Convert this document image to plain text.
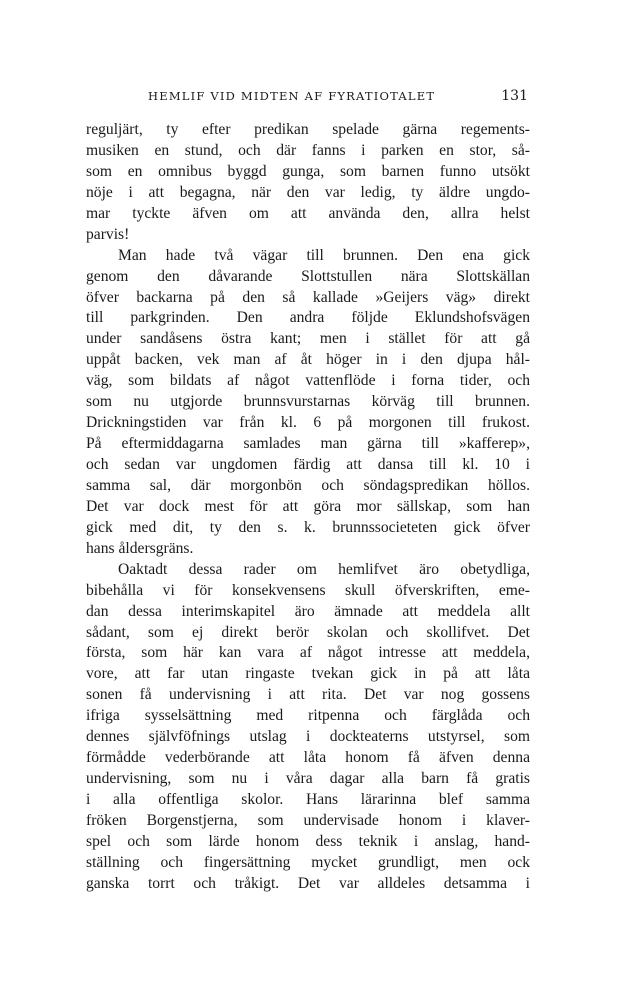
HEMLIF VID MIDTEN AF FYRATIOTALET	131
reguljärt, ty efter predikan spelade gärna regements-
musiken en stund, och där fanns i parken en stor, så-
som en omnibus byggd gunga, som barnen funno utsökt
nöje i att begagna, när den var ledig, ty äldre ungdo-
mar tyckte äfven om att använda den, allra helst
parvis!
Man hade två vägar till brunnen. Den ena gick
genom den dåvarande Slottstullen nära Slottskällan
öfver backarna på den så kallade »Geijers väg» direkt
till parkgrinden. Den andra följde Eklundshofsvägen
under sandåsens östra kant; men i stället för att gå
uppåt backen, vek man af åt höger in i den djupa hål-
väg, som bildats af något vattenflöde i forna tider, och
som nu utgjorde brunnsvurstarnas körväg till brunnen.
Drickningstiden var från kl. 6 på morgonen till frukost.
På eftermiddagarna samlades man gärna till »kafferep»,
och sedan var ungdomen färdig att dansa till kl. 10 i
samma sal, där morgonbön och söndagspredikan höllos.
Det var dock mest för att göra mor sällskap, som han
gick med dit, ty den s. k. brunnssocieteten gick öfver
hans åldersgräns.
Oaktadt dessa rader om hemlifvet äro obetydliga,
bibehålla vi för konsekvensens skull öfverskriften, eme-
dan dessa interimskapitel äro ämnade att meddela allt
sådant, som ej direkt berör skolan och skollifvet. Det
första, som här kan vara af något intresse att meddela,
vore, att far utan ringaste tvekan gick in på att låta
sonen få undervisning i att rita. Det var nog gossens
ifriga sysselsättning med ritpenna och färglåda och
dennes självföfnings utslag i dockteaterns utstyrsel, som
förmådde vederbörande att låta honom få äfven denna
undervisning, som nu i våra dagar alla barn få gratis
i alla offentliga skolor. Hans lärarinna blef samma
fröken Borgenstjerna, som undervisade honom i klaver-
spel och som lärde honom dess teknik i anslag, hand-
ställning och fingersättning mycket grundligt, men ock
ganska torrt och tråkigt. Det var alldeles detsamma i
